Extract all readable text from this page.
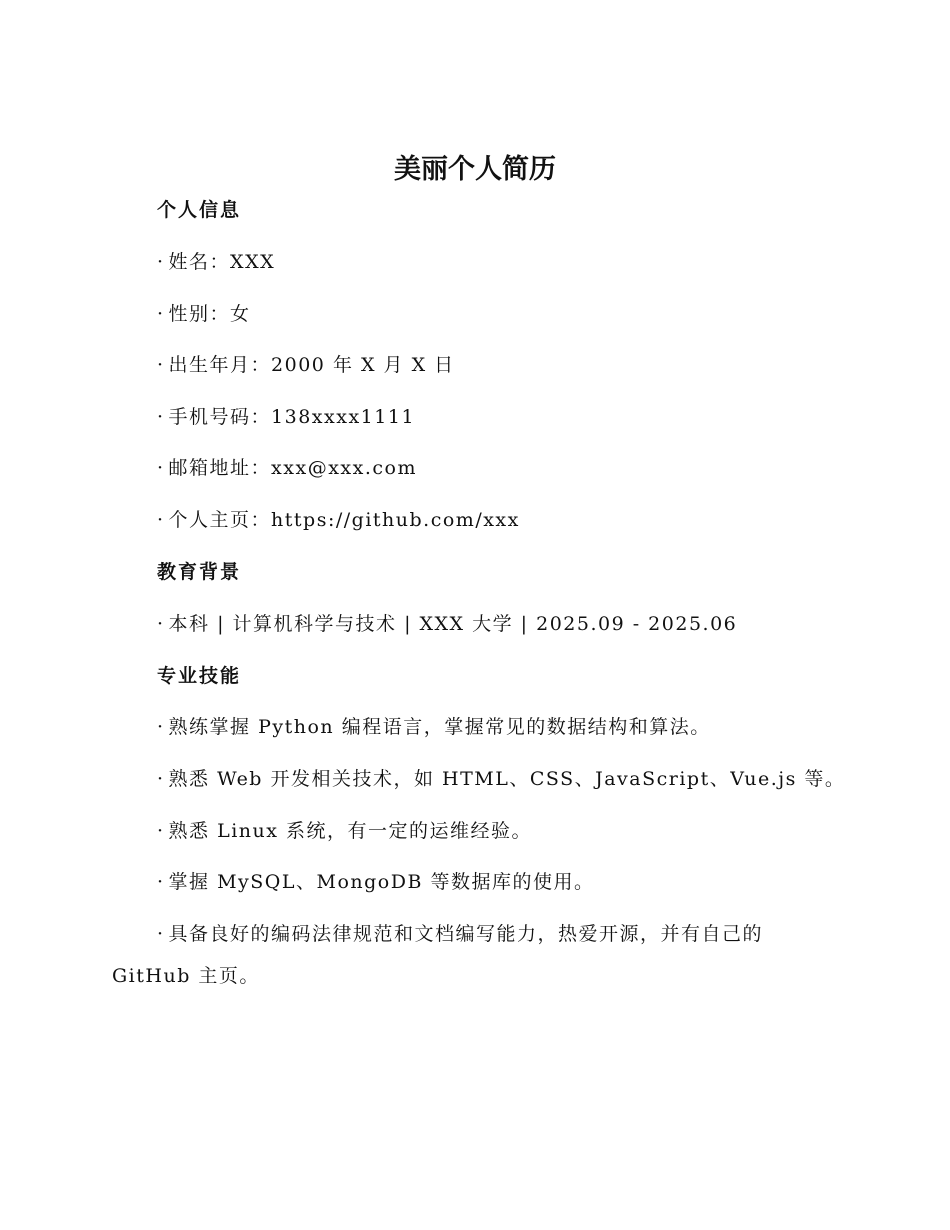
美丽个人简历
个人信息

· 姓名：XXX

· 性别：女

· 出生年月：2000 年 X 月 X 日

· 手机号码：138xxxx1111

· 邮箱地址：xxx@xxx.com

· 个人主页：https://github.com/xxx

教育背景

· 本科 | 计算机科学与技术 | XXX 大学 | 2025.09 - 2025.06

专业技能

· 熟练掌握 Python 编程语言，掌握常见的数据结构和算法。

· 熟悉 Web 开发相关技术，如 HTML、CSS、JavaScript、Vue.js 等。

· 熟悉 Linux 系统，有一定的运维经验。

· 掌握 MySQL、MongoDB 等数据库的使用。

· 具备良好的编码法律规范和文档编写能力，热爱开源，并有自己的 GitHub 主页。
